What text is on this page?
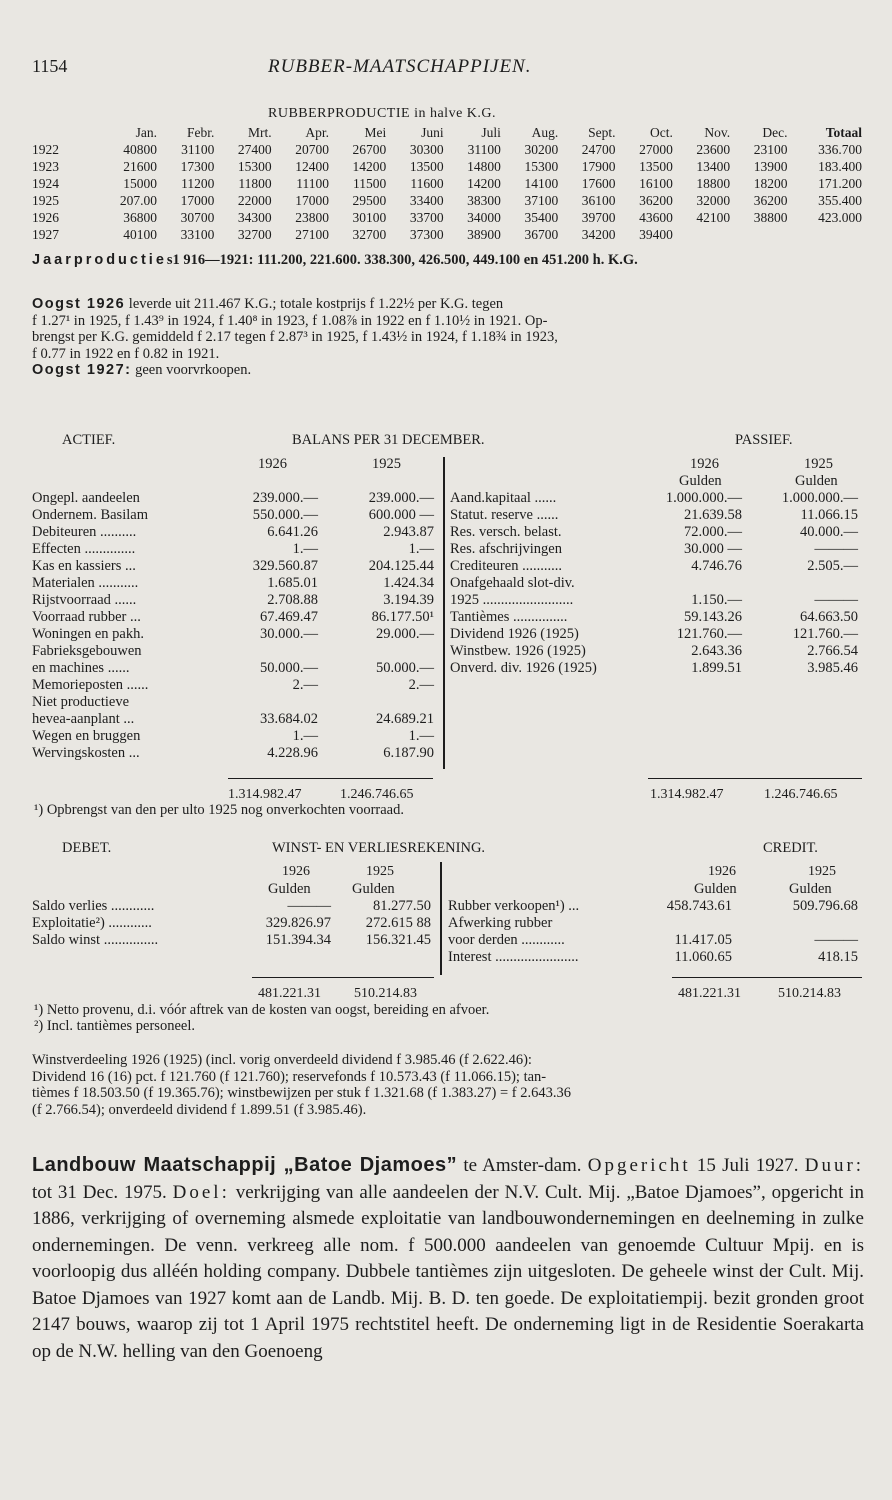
1154	RUBBER-MAATSCHAPPIJEN.
RUBBERPRODUCTIE in halve K.G.
	Jan.	Febr.	Mrt.	Apr.	Mei	Juni	Juli	Aug.	Sept.	Oct.	Nov.	Dec.	Totaal
1922	40800	31100	27400	20700	26700	30300	31100	30200	24700	27000	23600	23100	336.700
1923	21600	17300	15300	12400	14200	13500	14800	15300	17900	13500	13400	13900	183.400
1924	15000	11200	11800	11100	11500	11600	14200	14100	17600	16100	18800	18200	171.200
1925	207.00	17000	22000	17000	29500	33400	38300	37100	36100	36200	32000	36200	355.400
1926	36800	30700	34300	23800	30100	33700	34000	35400	39700	43600	42100	38800	423.000
1927	40100	33100	32700	27100	32700	37300	38900	36700	34200	39400			
Jaarproducties1 916—1921: 111.200, 221.600. 338.300, 426.500, 449.100 en 451.200 h. K.G.
Oogst 1926 leverde uit 211.467 K.G.; totale kostprijs f 1.22½ per K.G. tegen
f 1.27¹ in 1925, f 1.43⁹ in 1924, f 1.40⁸ in 1923, f 1.08⅞ in 1922 en f 1.10½ in 1921. Op-
brengst per K.G. gemiddeld f 2.17 tegen f 2.87³ in 1925, f 1.43½ in 1924, f 1.18¾ in 1923,
f 0.77 in 1922 en f 0.82 in 1921.
Oogst 1927: geen voorvrkoopen.
ACTIEF.	BALANS PER 31 DECEMBER.	PASSIEF.
1926	1925	1926	1925
Gulden	Gulden
Ongepl. aandeelen	239.000.—	239.000.—
Ondernem. Basilam	550.000.—	600.000 —
Debiteuren ..........	6.641.26	2.943.87
Effecten ..............	1.—	1.—
Kas en kassiers ...	329.560.87	204.125.44
Materialen ...........	1.685.01	1.424.34
Rijstvoorraad ......	2.708.88	3.194.39
Voorraad rubber ...	67.469.47	86.177.50¹
Woningen en pakh.	30.000.—	29.000.—
Fabrieksgebouwen		
en machines ......	50.000.—	50.000.—
Memorieposten ......	2.—	2.—
Niet productieve		
hevea-aanplant ...	33.684.02	24.689.21
Wegen en bruggen	1.—	1.—
Wervingskosten ...	4.228.96	6.187.90
Aand.kapitaal ......	1.000.000.—	1.000.000.—
Statut. reserve ......	21.639.58	11.066.15
Res. versch. belast.	72.000.—	40.000.—
Res. afschrijvingen	30.000 —	———
Crediteuren ...........	4.746.76	2.505.—
Onafgehaald slot-div.		
1925 .........................	1.150.—	———
Tantièmes ...............	59.143.26	64.663.50
Dividend 1926 (1925)	121.760.—	121.760.—
Winstbew. 1926 (1925)	2.643.36	2.766.54
Onverd. div. 1926 (1925)	1.899.51	3.985.46
1.314.982.47	1.246.746.65	1.314.982.47	1.246.746.65
¹) Opbrengst van den per ulto 1925 nog onverkochten voorraad.
DEBET.	WINST- EN VERLIESREKENING.	CREDIT.
1926	1925	1926	1925
Gulden	Gulden	Gulden	Gulden
Saldo verlies ............	———	81.277.50
Exploitatie²) ............	329.826.97	272.615 88
Saldo winst ...............	151.394.34	156.321.45
Rubber verkoopen¹) ...	458.743.61	509.796.68
Afwerking rubber		
voor derden ............	11.417.05	———
Interest .......................	11.060.65	418.15
481.221.31 510.214.83	481.221.31	510.214.83
¹) Netto provenu, d.i. vóór aftrek van de kosten van oogst, bereiding en afvoer.
²) Incl. tantièmes personeel.
Winstverdeeling 1926 (1925) (incl. vorig onverdeeld dividend f 3.985.46 (f 2.622.46):
Dividend 16 (16) pct. f 121.760 (f 121.760); reservefonds f 10.573.43 (f 11.066.15); tan-
tièmes f 18.503.50 (f 19.365.76); winstbewijzen per stuk f 1.321.68 (f 1.383.27) = f 2.643.36
(f 2.766.54); onverdeeld dividend f 1.899.51 (f 3.985.46).
Landbouw Maatschappij „Batoe Djamoes” te Amster-dam. Opgericht 15 Juli 1927. Duur: tot 31 Dec. 1975. Doel: verkrijging van alle aandeelen der N.V. Cult. Mij. „Batoe Djamoes”, opgericht in 1886, verkrijging of overneming alsmede exploitatie van landbouwondernemingen en deelneming in zulke ondernemingen. De venn. verkreeg alle nom. f 500.000 aandeelen van genoemde Cultuur Mpij. en is voorloopig dus alléén holding company. Dubbele tantièmes zijn uitgesloten. De geheele winst der Cult. Mij. Batoe Djamoes van 1927 komt aan de Landb. Mij. B. D. ten goede. De exploitatiempij. bezit gronden groot 2147 bouws, waarop zij tot 1 April 1975 rechtstitel heeft. De onderneming ligt in de Residentie Soerakarta op de N.W. helling van den Goenoeng
